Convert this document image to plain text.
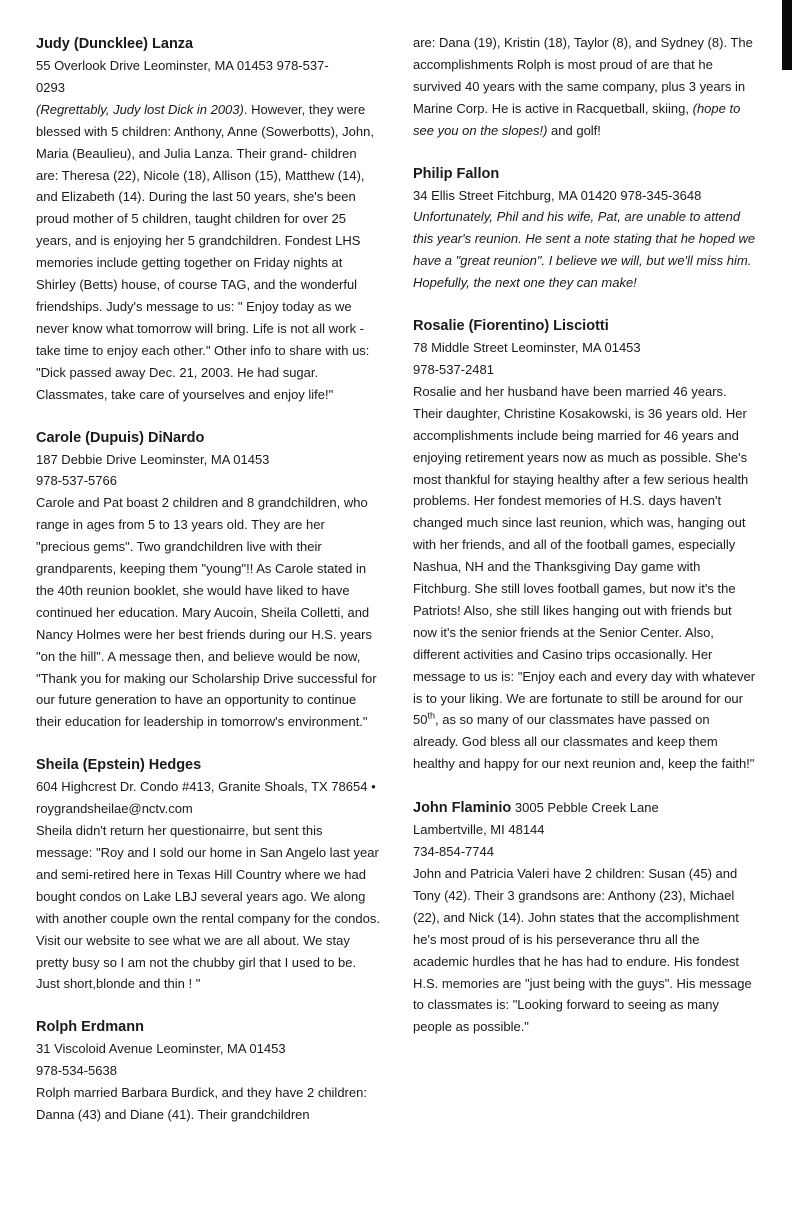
Judy (Dunckle​e) Lanza

55 Overlook Drive Leominster, MA 01453 978-537-0293

(Regrettably, Judy lost Dick in 2003). However, they were blessed with 5 children: Anthony, Anne (Sowerbotts), John, Maria (Beaulieu), and Julia Lanza. Their grand- children are: Theresa (22), Nicole (18), Allison (15), Matthew (14), and Elizabeth (14). During the last 50 years, she's been proud mother of 5 children, taught children for over 25 years, and is enjoying her 5 grandchildren. Fondest LHS memories include getting together on Friday nights at Shirley (Betts) house, of course TAG, and the wonderful friendships. Judy's message to us: " Enjoy today as we never know what tomorrow will bring. Life is not all work - take time to enjoy each other." Other info to share with us: "Dick passed away Dec. 21, 2003. He had sugar. Classmates, take care of yourselves and enjoy life!"

Carole (Dupuis) DiNardo

187 Debbie Drive Leominster, MA 01453

978-537-5766

Carole and Pat boast 2 children and 8 grandchildren, who range in ages from 5 to 13 years old. They are her "precious gems". Two grandchildren live with their grandparents, keeping them "young"!! As Carole stated in the 40th reunion booklet, she would have liked to have continued her education. Mary Aucoin, Sheila Colletti, and Nancy Holmes were her best friends during our H.S. years "on the hill". A message then, and believe would be now, "Thank you for making our Scholarship Drive successful for our future generation to have an opportunity to continue their education for leadership in tomorrow's environment."

Sheila (Epstein) Hedges

604 Highcrest Dr. Condo #413, Granite Shoals, TX 78654 • roygrandsheilae@nctv.com

Sheila didn't return her questionairre, but sent this message: "Roy and I sold our home in San Angelo last year and semi-retired here in Texas Hill Country where we had bought condos on Lake LBJ several years ago. We along with another couple own the rental company for the condos. Visit our website to see what we are all about. We stay pretty busy so I am not the chubby girl that I used to be. Just short,blonde and thin ! "

Rolph Erdmann

31 Viscoloid Avenue Leominster, MA 01453

978-534-5638

Rolph married Barbara Burdick, and they have 2 children: Danna (43) and Diane (41). Their grandchildren

are: Dana (19), Kristin (18), Taylor (8), and Sydney (8). The accomplishments Rolph is most proud of are that he survived 40 years with the same company, plus 3 years in Marine Corp. He is active in Racquetball, skiing, (hope to see you on the slopes!) and golf!

Philip Fallon

34 Ellis Street Fitchburg, MA 01420 978-345-3648

Unfortunately, Phil and his wife, Pat, are unable to attend this year's reunion. He sent a note stating that he hoped we have a "great reunion". I believe we will, but we'll miss him. Hopefully, the next one they can make!

Rosalie (Fiorentino) Lisciotti

78 Middle Street Leominster, MA 01453

978-537-2481

Rosalie and her husband have been married 46 years. Their daughter, Christine Kosakowski, is 36 years old. Her accomplishments include being married for 46 years and enjoying retirement years now as much as possible. She's most thankful for staying healthy after a few serious health problems. Her fondest memories of H.S. days haven't changed much since last reunion, which was, hanging out with her friends, and all of the football games, especially Nashua, NH and the Thanksgiving Day game with Fitchburg. She still loves football games, but now it's the Patriots! Also, she still likes hanging out with friends but now it's the senior friends at the Senior Center. Also, different activities and Casino trips occasionally. Her message to us is: "Enjoy each and every day with whatever is to your liking. We are fortunate to still be around for our 50th, as so many of our classmates have passed on already. God bless all our classmates and keep them healthy and happy for our next reunion and, keep the faith!"

John Flaminio 3005 Pebble Creek Lane

Lambertville, MI 48144

734-854-7744

John and Patricia Valeri have 2 children: Susan (45) and Tony (42). Their 3 grandsons are: Anthony (23), Michael (22), and Nick (14). John states that the accomplishment he's most proud of is his perseverance thru all the academic hurdles that he has had to endure. His fondest H.S. memories are "just being with the guys". His message to classmates is: "Looking forward to seeing as many people as possible."
